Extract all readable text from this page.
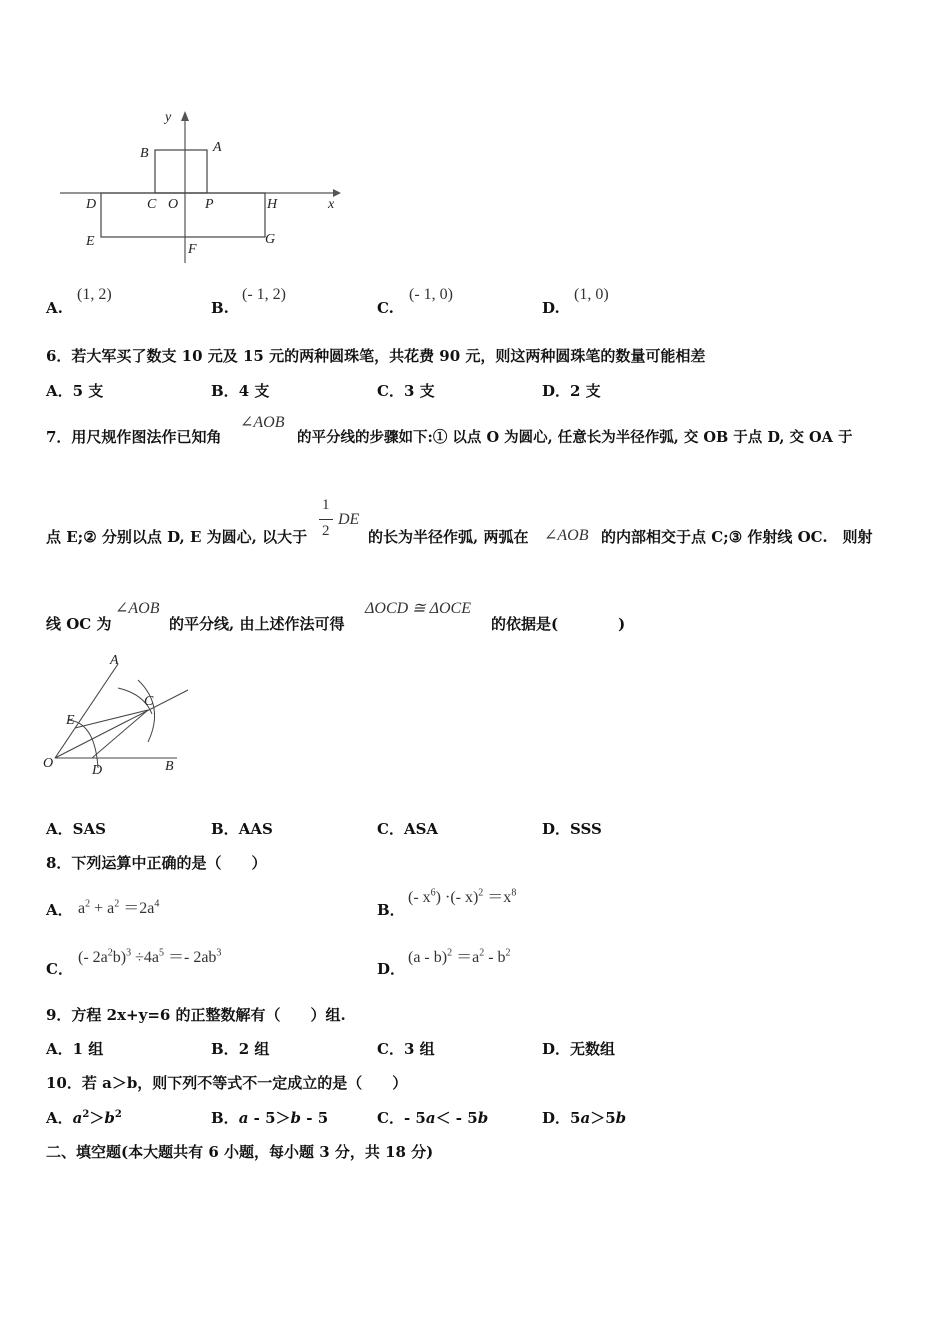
y
x
A
B
C O P
D	H
E
F
G
A.
(1, 2)
B.
(- 1, 2)
C.
(- 1, 0)
D.
(1, 0)
6．若大军买了数支 10 元及 15 元的两种圆珠笔，共花费 90 元，则这两种圆珠笔的数量可能相差
A．5 支	B．4 支	C．3 支	D．2 支
7．用尺规作图法作已知角
∠AOB
的平分线的步骤如下:① 以点 O 为圆心, 任意长为半径作弧, 交 OB 于点 D, 交 OA 于
点 E;② 分别以点 D, E 为圆心, 以大于
1
2
DE
的长为半径作弧, 两弧在 ∠AOB 的内部相交于点 C;③ 作射线 OC.　则射
线 OC 为
∠AOB
的平分线, 由上述作法可得
ΔOCD ≅ ΔOCE
的依据是(　　　　)
A
C
E
O	D	B
A．SAS	B．AAS	C．ASA	D．SSS
8．下列运算中正确的是（　　）
A． $a^2 + a^2 =2a^4$	B．
(- $x^6$) ·(- $x)^2 =x^8$
C．
(- $2a^2b)^3 \div 4a^5 =- 2ab^3$
D．
$(a - b)^2 =a^2 - b^2$
9．方程 2x+y=6 的正整数解有（　　）组.
A．1 组	B．2 组	C．3 组	D．无数组
10．若 a＞b，则下列不等式不一定成立的是（　　）
A．$a^2>b^2$	B．a - 5＞b - 5	C．- 5a＜ - 5b	D．5a＞5b
二、填空题(本大题共有 6 小题，每小题 3 分，共 18 分)
